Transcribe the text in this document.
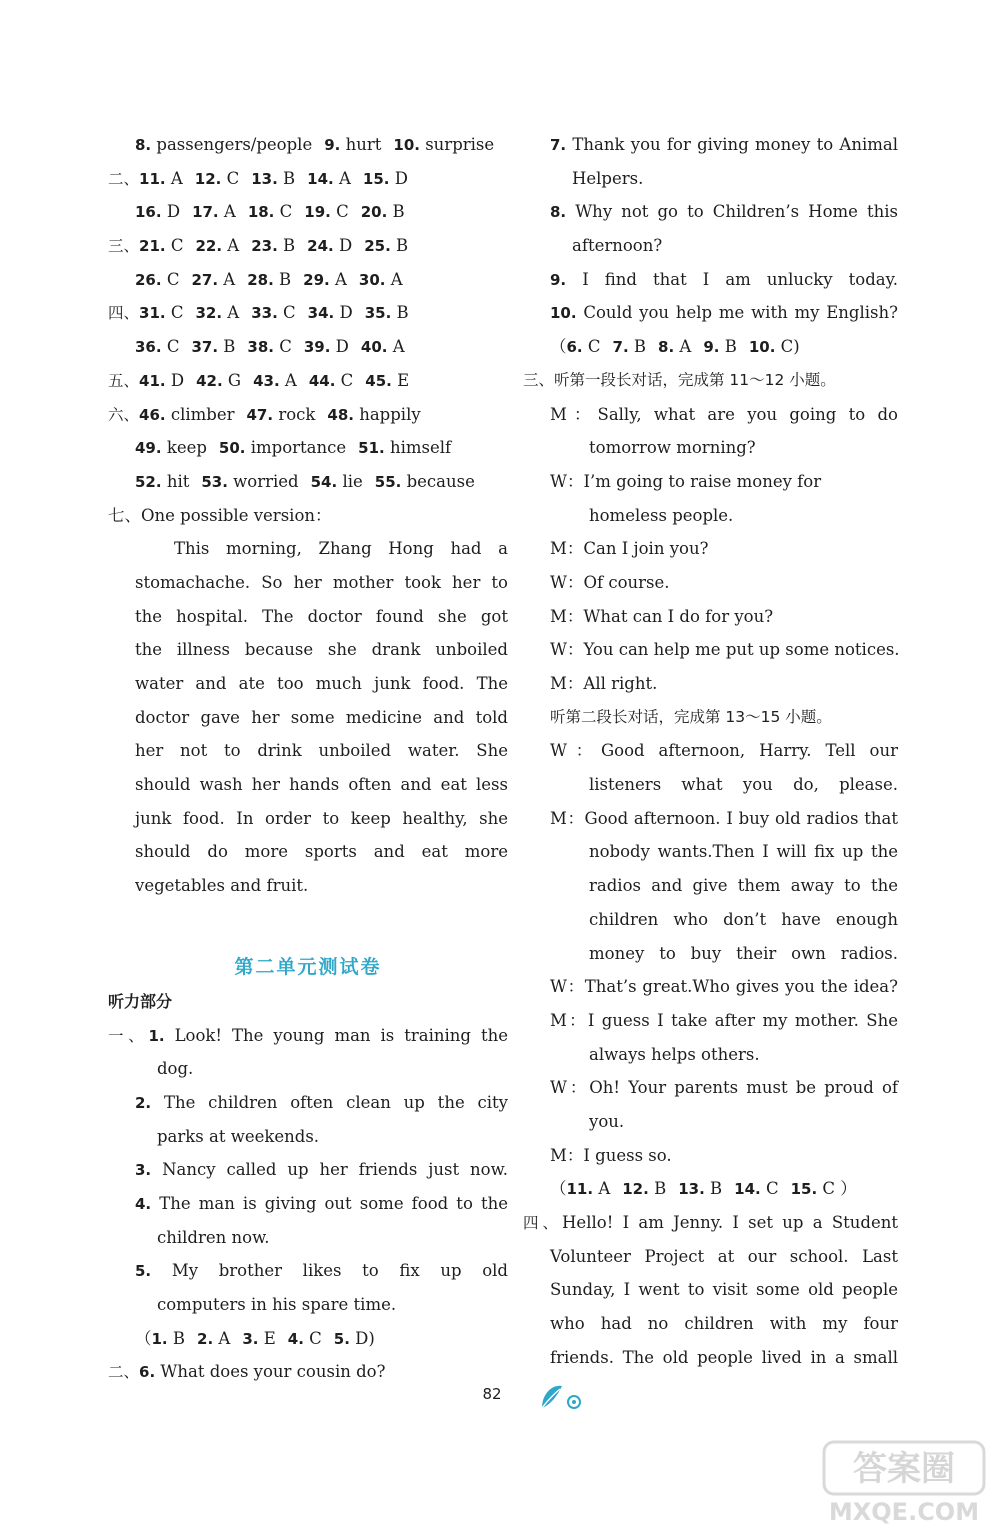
8. passengers/people 9. hurt 10. surprise
二、11. A 12. C 13. B 14. A 15. D
16. D 17. A 18. C 19. C 20. B
三、21. C 22. A 23. B 24. D 25. B
26. C 27. A 28. B 29. A 30. A
四、31. C 32. A 33. C 34. D 35. B
36. C 37. B 38. C 39. D 40. A
五、41. D 42. G 43. A 44. C 45. E
六、46. climber 47. rock 48. happily
49. keep 50. importance 51. himself
52. hit 53. worried 54. lie 55. because
七、One possible version：
This morning, Zhang Hong had a
stomachache. So her mother took her to
the hospital. The doctor found she got
the illness because she drank unboiled
water and ate too much junk food. The
doctor gave her some medicine and told
her not to drink unboiled water. She
should wash her hands often and eat less
junk food. In order to keep healthy, she
should do more sports and eat more
vegetables and fruit.
第二单元测试卷
听力部分
一、1. Look! The young man is training the
dog.
2. The children often clean up the city
parks at weekends.
3. Nancy called up her friends just now.
4. The man is giving out some food to the
children now.
5. My brother likes to fix up old
computers in his spare time.
（1. B 2. A 3. E 4. C 5. D)
二、6. What does your cousin do?
7. Thank you for giving money to Animal
Helpers.
8. Why not go to Children’s Home this
afternoon?
9. I find that I am unlucky today.
10. Could you help me with my English?
（6. C 7. B 8. A 9. B 10. C)
三、听第一段长对话，完成第 11～12 小题。
M：Sally, what are you going to do
tomorrow morning?
W：I’m going to raise money for
homeless people.
M：Can I join you?
W：Of course.
M：What can I do for you?
W：You can help me put up some notices.
M：All right.
听第二段长对话，完成第 13～15 小题。
W：Good afternoon, Harry. Tell our
listeners what you do, please.
M：Good afternoon. I buy old radios that
nobody wants.Then I will fix up the
radios and give them away to the
children who don’t have enough
money to buy their own radios.
W：That’s great.Who gives you the idea?
M：I guess I take after my mother. She
always helps others.
W：Oh! Your parents must be proud of
you.
M：I guess so.
（11. A 12. B 13. B 14. C 15. C ）
四、Hello! I am Jenny. I set up a Student
Volunteer Project at our school. Last
Sunday, I went to visit some old people
who had no children with my four
friends. The old people lived in a small
82
答案圈
MXQE.COM
